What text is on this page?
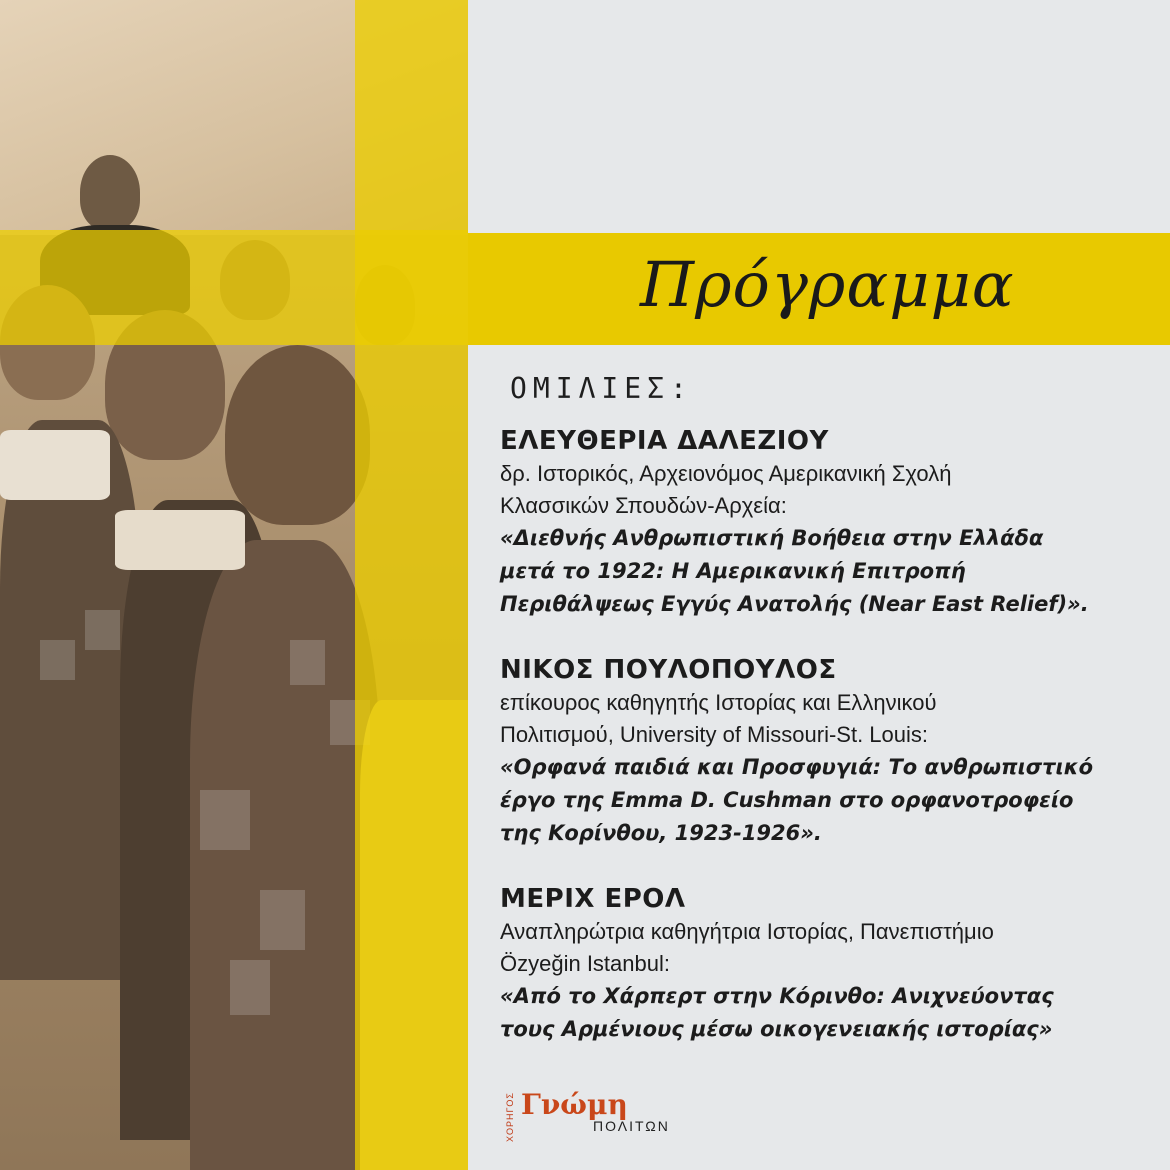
Πρόγραμμα
ΟΜΙΛΙΕΣ:
ΕΛΕΥΘΕΡΙΑ ΔΑΛΕΖΙΟΥ
δρ. Ιστορικός, Αρχειονόμος Αμερικανική Σχολή
Κλασσικών Σπουδών-Αρχεία:
«Διεθνής Ανθρωπιστική Βοήθεια στην Ελλάδα
μετά το 1922: Η Αμερικανική Επιτροπή
Περιθάλψεως Εγγύς Ανατολής (Near East Relief)».
ΝΙΚΟΣ ΠΟΥΛΟΠΟΥΛΟΣ
επίκουρος καθηγητής Ιστορίας και Ελληνικού
Πολιτισμού, University of Missouri-St. Louis:
«Ορφανά παιδιά και Προσφυγιά: Το ανθρωπιστικό
έργο της Emma D. Cushman στο ορφανοτροφείο
της Κορίνθου, 1923-1926».
ΜΕΡΙΧ ΕΡΟΛ
Αναπληρώτρια καθηγήτρια Ιστορίας, Πανεπιστήμιο
Özyeğin Istanbul:
«Από το Χάρπερτ στην Κόρινθο: Ανιχνεύοντας
τους Αρμένιους μέσω οικογενειακής ιστορίας»
ΧΟΡΗΓΟΣ Γνώμη
ΠΟΛΙΤΩΝ
